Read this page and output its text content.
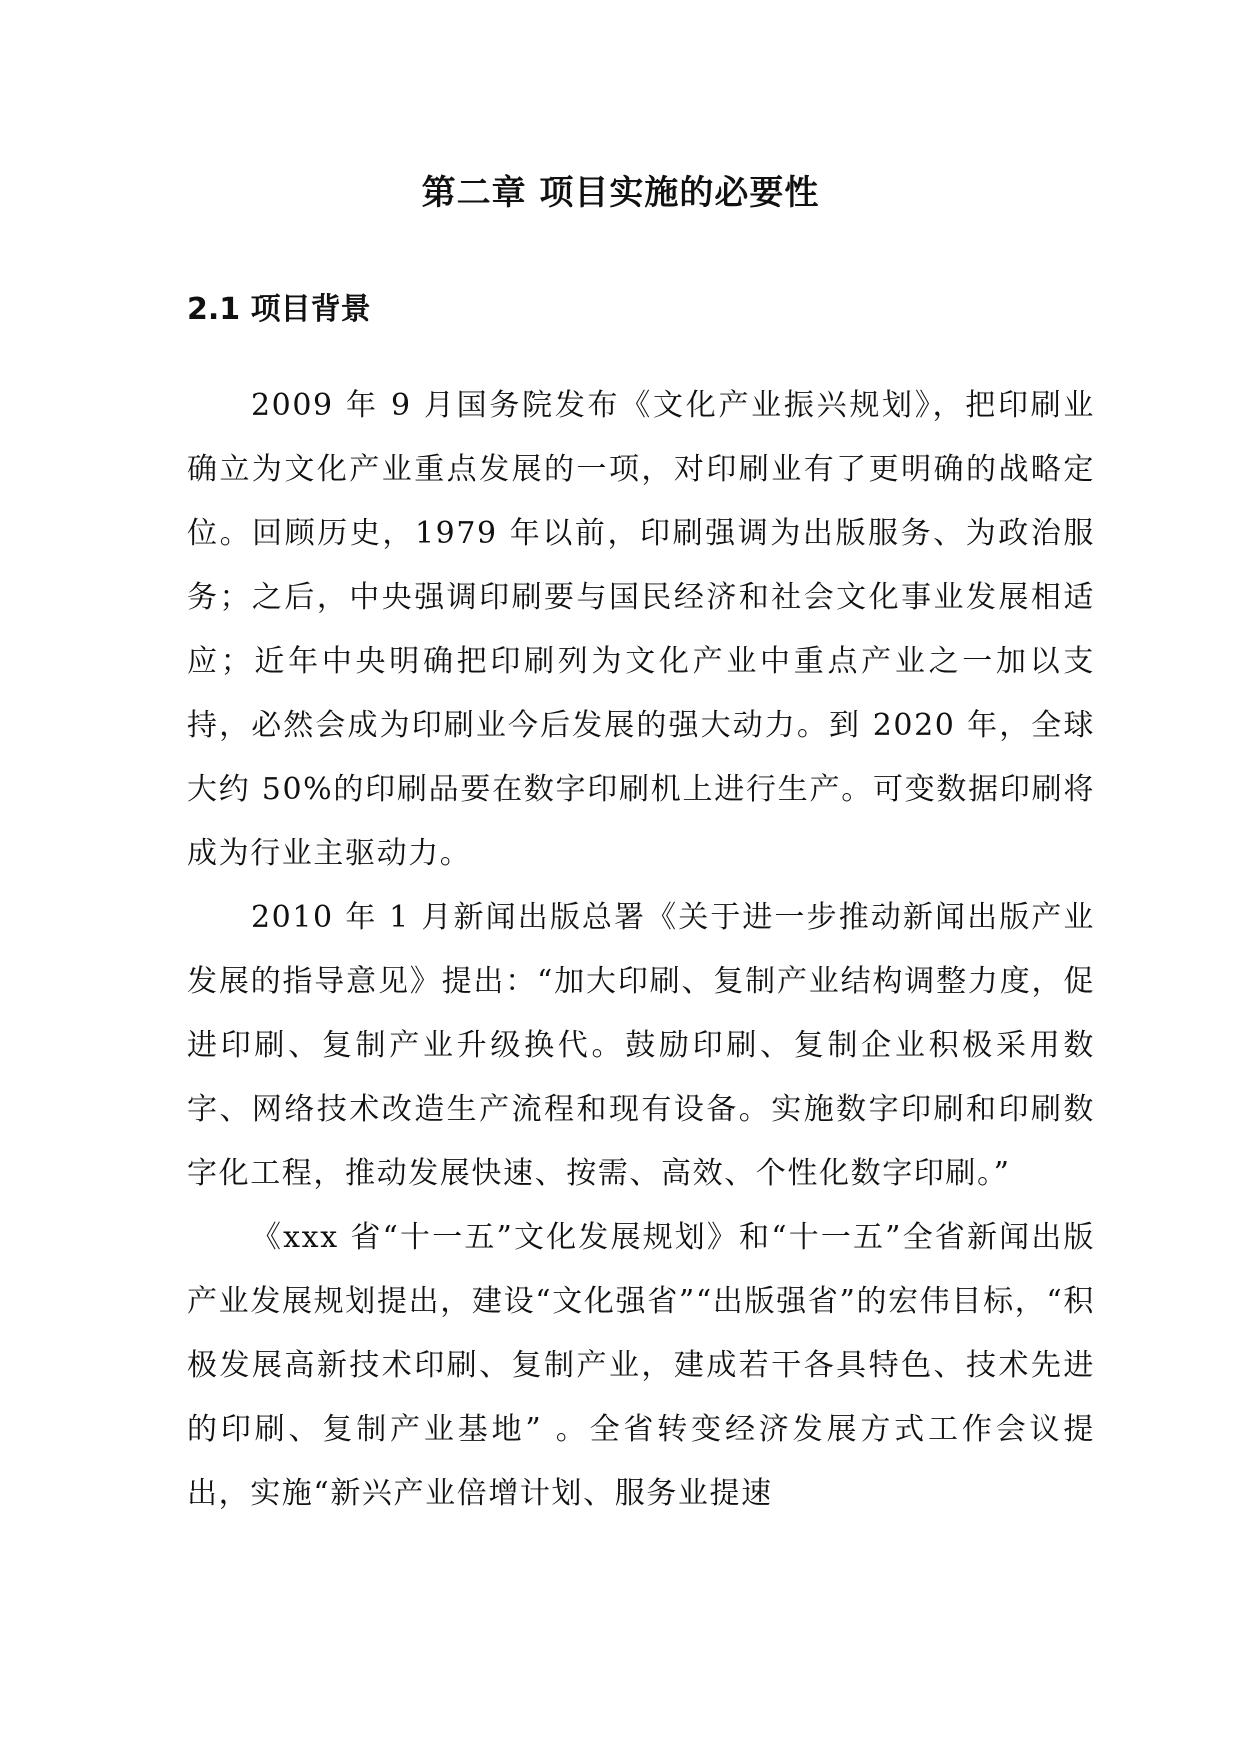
第二章 项目实施的必要性
2.1 项目背景

2009 年 9 月国务院发布《文化产业振兴规划》，把印刷业确立为文化产业重点发展的一项，对印刷业有了更明确的战略定位。回顾历史，1979 年以前，印刷强调为出版服务、为政治服务；之后，中央强调印刷要与国民经济和社会文化事业发展相适应；近年中央明确把印刷列为文化产业中重点产业之一加以支持，必然会成为印刷业今后发展的强大动力。到 2020 年，全球大约 50%的印刷品要在数字印刷机上进行生产。可变数据印刷将成为行业主驱动力。

2010 年 1 月新闻出版总署《关于进一步推动新闻出版产业发展的指导意见》提出：“加大印刷、复制产业结构调整力度，促进印刷、复制产业升级换代。鼓励印刷、复制企业积极采用数字、网络技术改造生产流程和现有设备。实施数字印刷和印刷数字化工程，推动发展快速、按需、高效、个性化数字印刷。”

《xxx 省“十一五”文化发展规划》和“十一五”全省新闻出版产业发展规划提出，建设“文化强省”“出版强省”的宏伟目标，“积极发展高新技术印刷、复制产业，建成若干各具特色、技术先进的印刷、复制产业基地” 。全省转变经济发展方式工作会议提出，实施“新兴产业倍增计划、服务业提速
